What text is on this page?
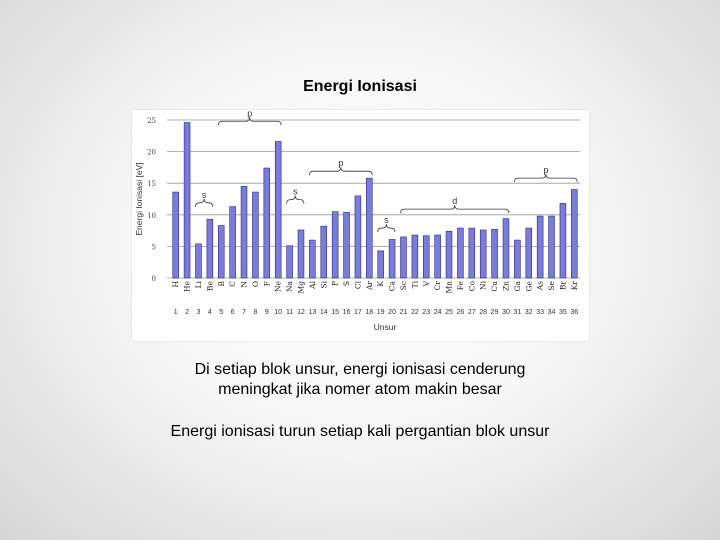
Energi Ionisasi
0
5
10
15
20
25
Energi Ionisasi [eV]
H He Li Be B C N O F Ne Na Mg Al Si P S Cl Ar K Ca Sc Ti V Cr Mn Fe Co Ni Cu Zn Ga Ge As Se Br Kr
1 2 3 4 5 6 7 8 9 10 11 12 13 14 15 16 17 18 19 20 21 22 23 24 25 26 27 28 29 30 31 32 33 34 35 36
Unsur
p
s
p
s
d
p
s
Di setiap blok unsur, energi ionisasi cenderung
meningkat jika nomer atom makin besar
Energi ionisasi turun setiap kali pergantian blok unsur
